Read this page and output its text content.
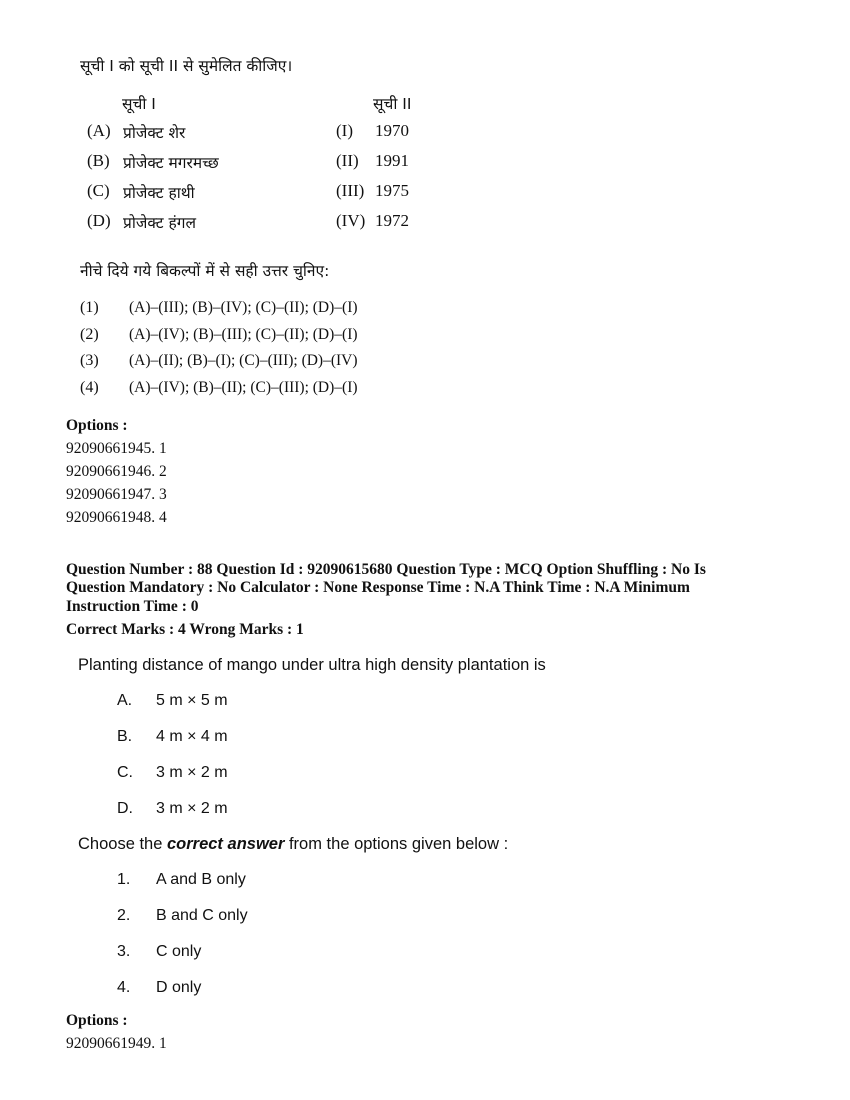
सूची I को सूची II से सुमेलित कीजिए।
सूची I	सूची II
(A) प्रोजेक्ट शेर	(I) 1970
(B) प्रोजेक्ट मगरमच्छ	(II) 1991
(C) प्रोजेक्ट हाथी	(III) 1975
(D) प्रोजेक्ट हंगल	(IV) 1972
नीचे दिये गये बिकल्पों में से सही उत्तर चुनिए:
(1) (A)–(III); (B)–(IV); (C)–(II); (D)–(I)
(2) (A)–(IV); (B)–(III); (C)–(II); (D)–(I)
(3) (A)–(II); (B)–(I); (C)–(III); (D)–(IV)
(4) (A)–(IV); (B)–(II); (C)–(III); (D)–(I)
Options :
92090661945. 1
92090661946. 2
92090661947. 3
92090661948. 4
Question Number : 88 Question Id : 92090615680 Question Type : MCQ Option Shuffling : No Is
Question Mandatory : No Calculator : None Response Time : N.A Think Time : N.A Minimum
Instruction Time : 0
Correct Marks : 4 Wrong Marks : 1
Planting distance of mango under ultra high density plantation is
A. 5 m × 5 m
B. 4 m × 4 m
C. 3 m × 2 m
D. 3 m × 2 m
Choose the correct answer from the options given below :
1. A and B only
2. B and C only
3. C only
4. D only
Options :
92090661949. 1
